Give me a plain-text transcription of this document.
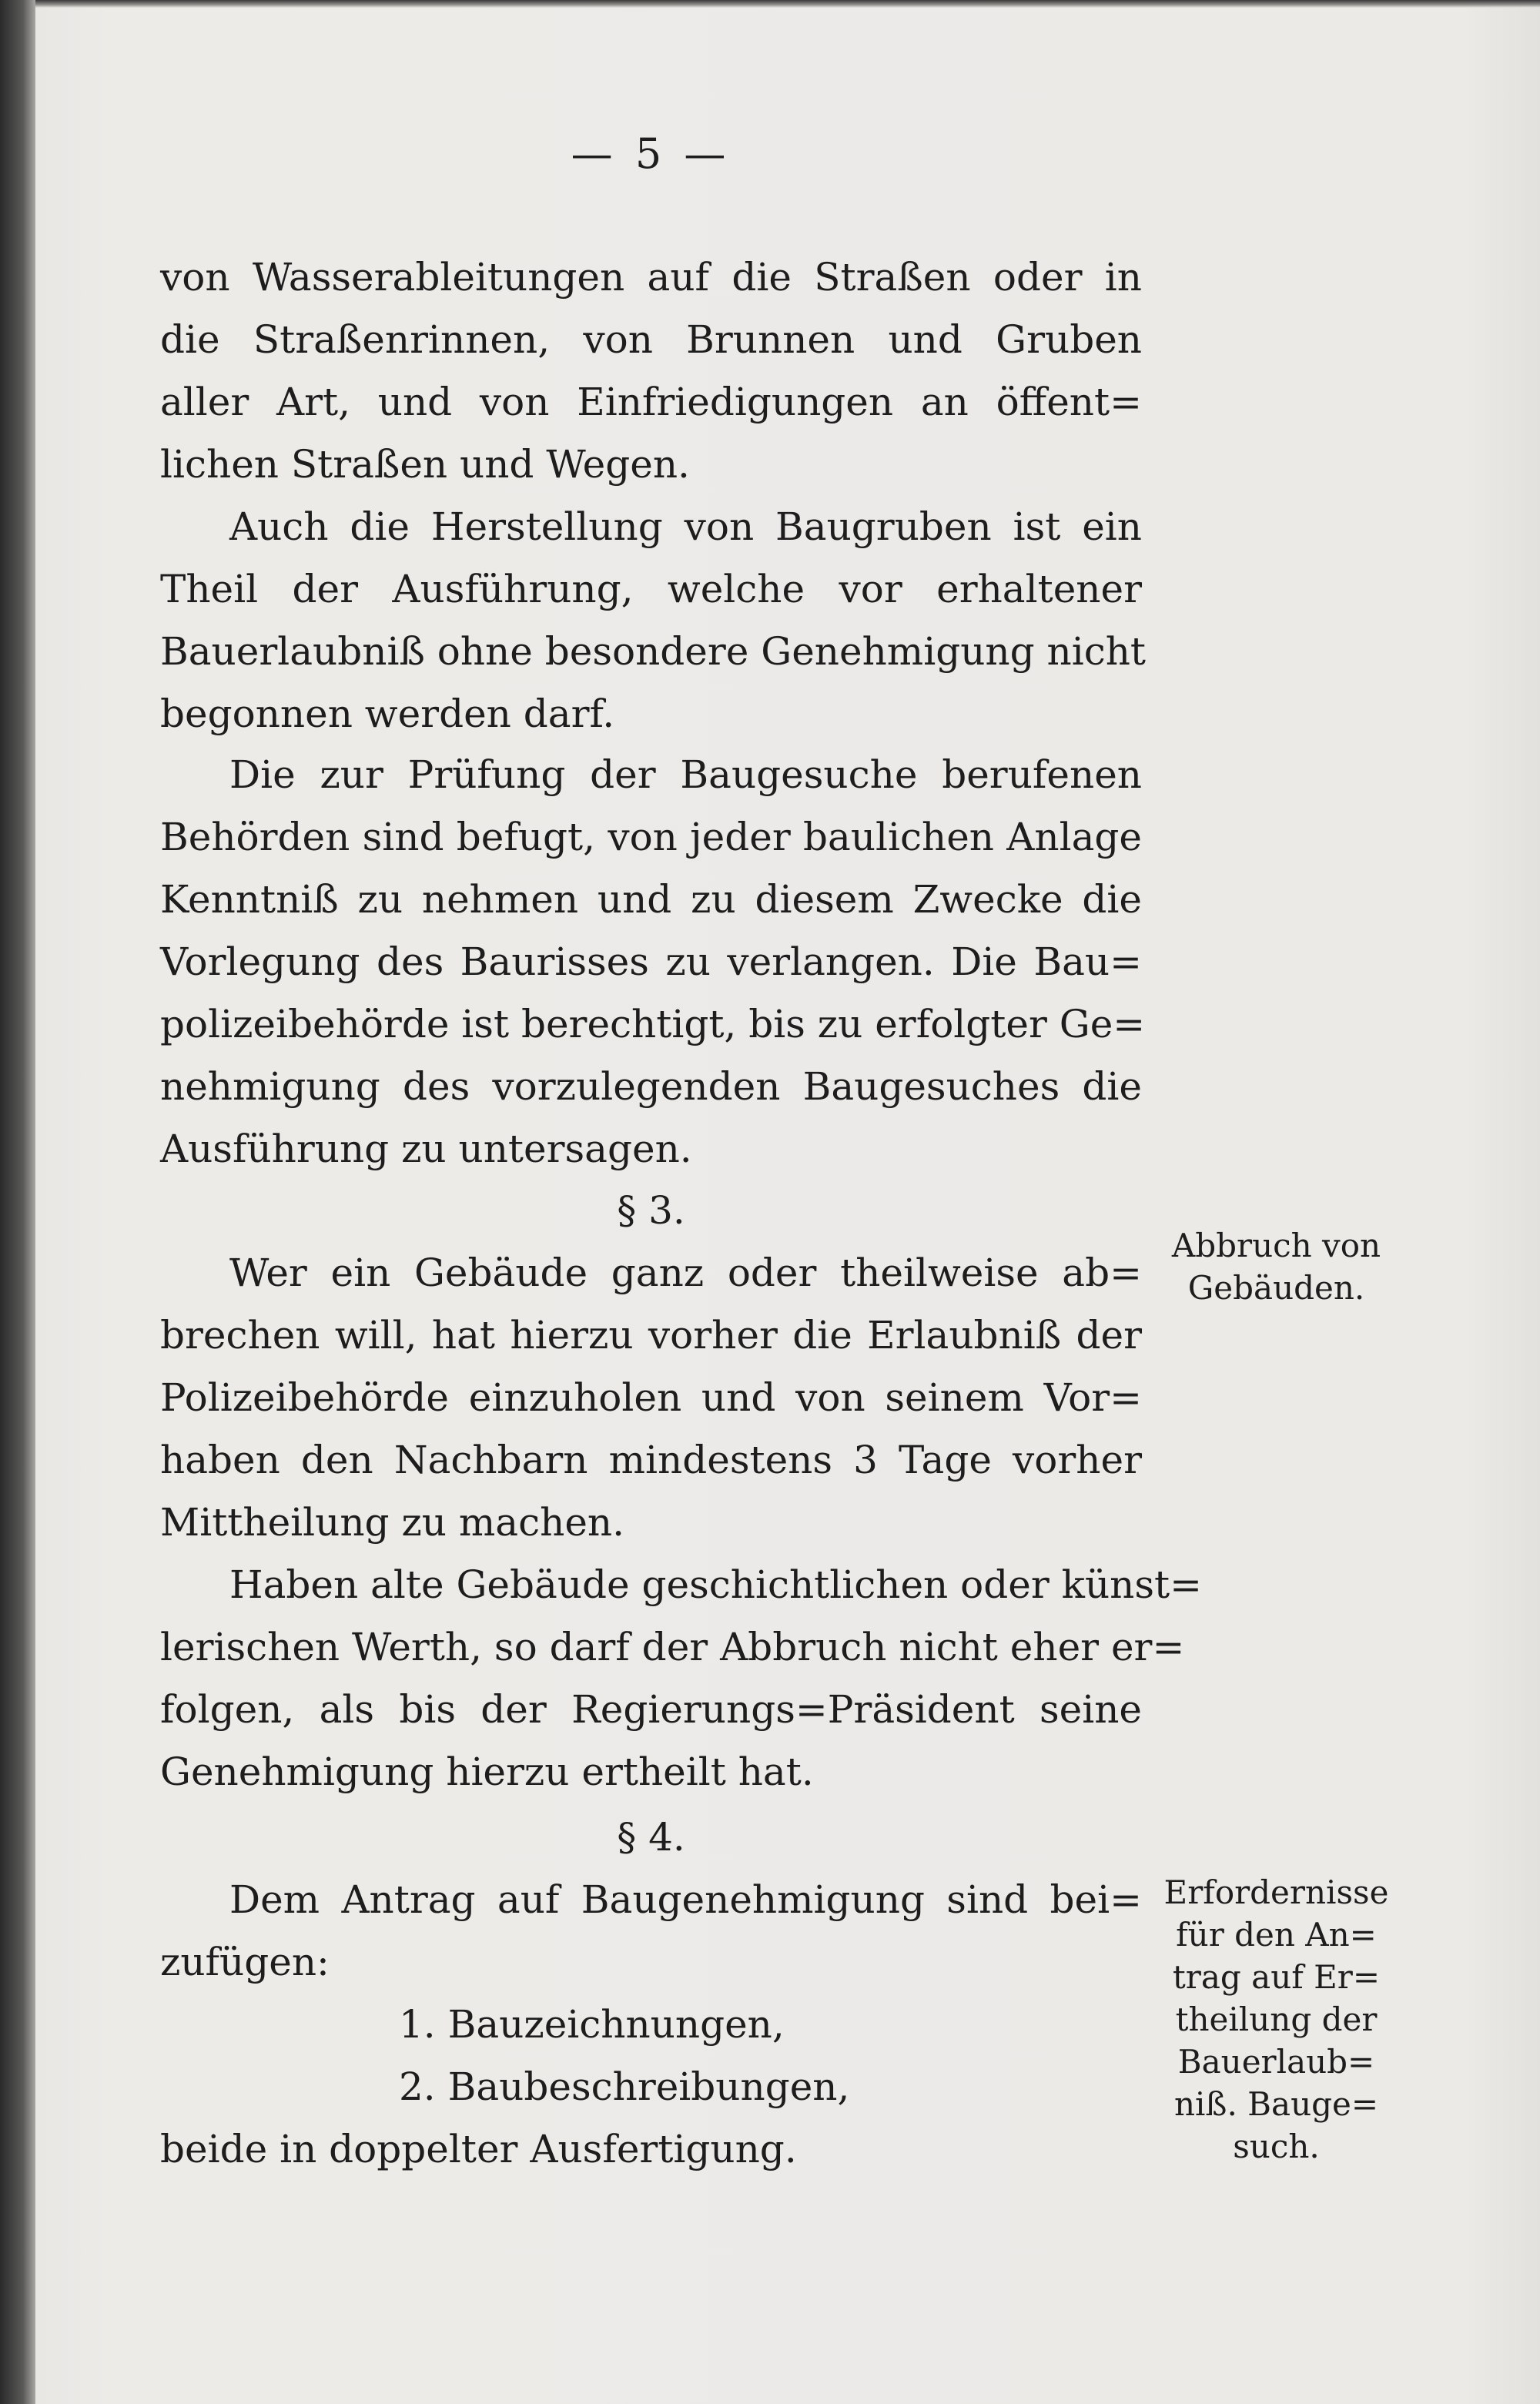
— 5 —
von Wasserableitungen auf die Straßen oder in
die Straßenrinnen, von Brunnen und Gruben
aller Art, und von Einfriedigungen an öffent=
lichen Straßen und Wegen.
Auch die Herstellung von Baugruben ist ein
Theil der Ausführung, welche vor erhaltener
Bauerlaubniß ohne besondere Genehmigung nicht
begonnen werden darf.
Die zur Prüfung der Baugesuche berufenen
Behörden sind befugt, von jeder baulichen Anlage
Kenntniß zu nehmen und zu diesem Zwecke die
Vorlegung des Baurisses zu verlangen. Die Bau=
polizeibehörde ist berechtigt, bis zu erfolgter Ge=
nehmigung des vorzulegenden Baugesuches die
Ausführung zu untersagen.
§ 3.
Abbruch von
Gebäuden.
Wer ein Gebäude ganz oder theilweise ab=
brechen will, hat hierzu vorher die Erlaubniß der
Polizeibehörde einzuholen und von seinem Vor=
haben den Nachbarn mindestens 3 Tage vorher
Mittheilung zu machen.
Haben alte Gebäude geschichtlichen oder künst=
lerischen Werth, so darf der Abbruch nicht eher er=
folgen, als bis der Regierungs=Präsident seine
Genehmigung hierzu ertheilt hat.
§ 4.
Erfordernisse
für den An=
trag auf Er=
theilung der
Bauerlaub=
niß. Bauge=
such.
Dem Antrag auf Baugenehmigung sind bei=
zufügen:
1. Bauzeichnungen,
2. Baubeschreibungen,
beide in doppelter Ausfertigung.
